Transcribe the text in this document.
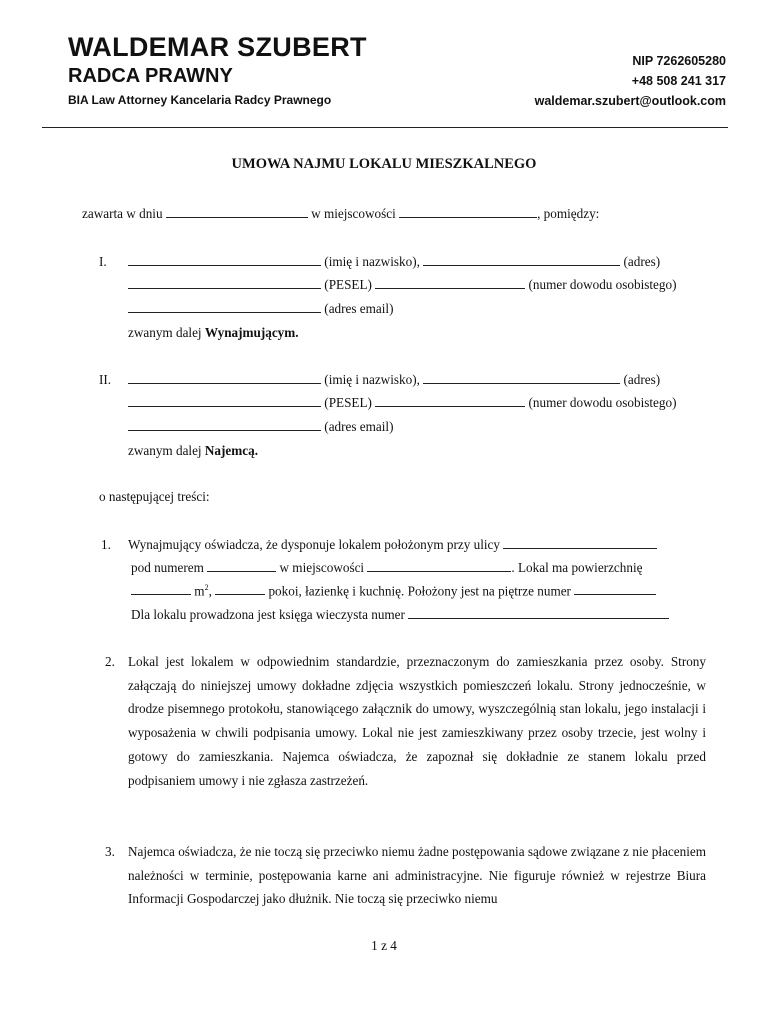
WALDEMAR SZUBERT
RADCA PRAWNY
BIA Law Attorney Kancelaria Radcy Prawnego
NIP 7262605280
+48 508 241 317
waldemar.szubert@outlook.com
UMOWA NAJMU LOKALU MIESZKALNEGO
zawarta w dniu	w miejscowości	, pomiędzy:
I.	(imię i nazwisko),	(adres)
(PESEL)	(numer dowodu osobistego)
(adres email)
zwanym dalej Wynajmującym.
II.	(imię i nazwisko),	(adres)
(PESEL)	(numer dowodu osobistego)
(adres email)
zwanym dalej Najemcą.
o następującej treści:
1. Wynajmujący oświadcza, że dysponuje lokalem położonym przy ulicy
pod numerem	w miejscowości	. Lokal ma powierzchnię
$m^2$,	pokoi, łazienkę i kuchnię. Położony jest na piętrze numer
Dla lokalu prowadzona jest księga wieczysta numer
2. Lokal jest lokalem w odpowiednim standardzie, przeznaczonym do zamieszkania przez osoby. Strony załączają do niniejszej umowy dokładne zdjęcia wszystkich pomieszczeń lokalu. Strony jednocześnie, w drodze pisemnego protokołu, stanowiącego załącznik do umowy, wyszczególnią stan lokalu, jego instalacji i wyposażenia w chwili podpisania umowy. Lokal nie jest zamieszkiwany przez osoby trzecie, jest wolny i gotowy do zamieszkania. Najemca oświadcza, że zapoznał się dokładnie ze stanem lokalu przed podpisaniem umowy i nie zgłasza zastrzeżeń.
3. Najemca oświadcza, że nie toczą się przeciwko niemu żadne postępowania sądowe związane z nie płaceniem należności w terminie, postępowania karne ani administracyjne. Nie figuruje również w rejestrze Biura Informacji Gospodarczej jako dłużnik. Nie toczą się przeciwko niemu
1 z 4
